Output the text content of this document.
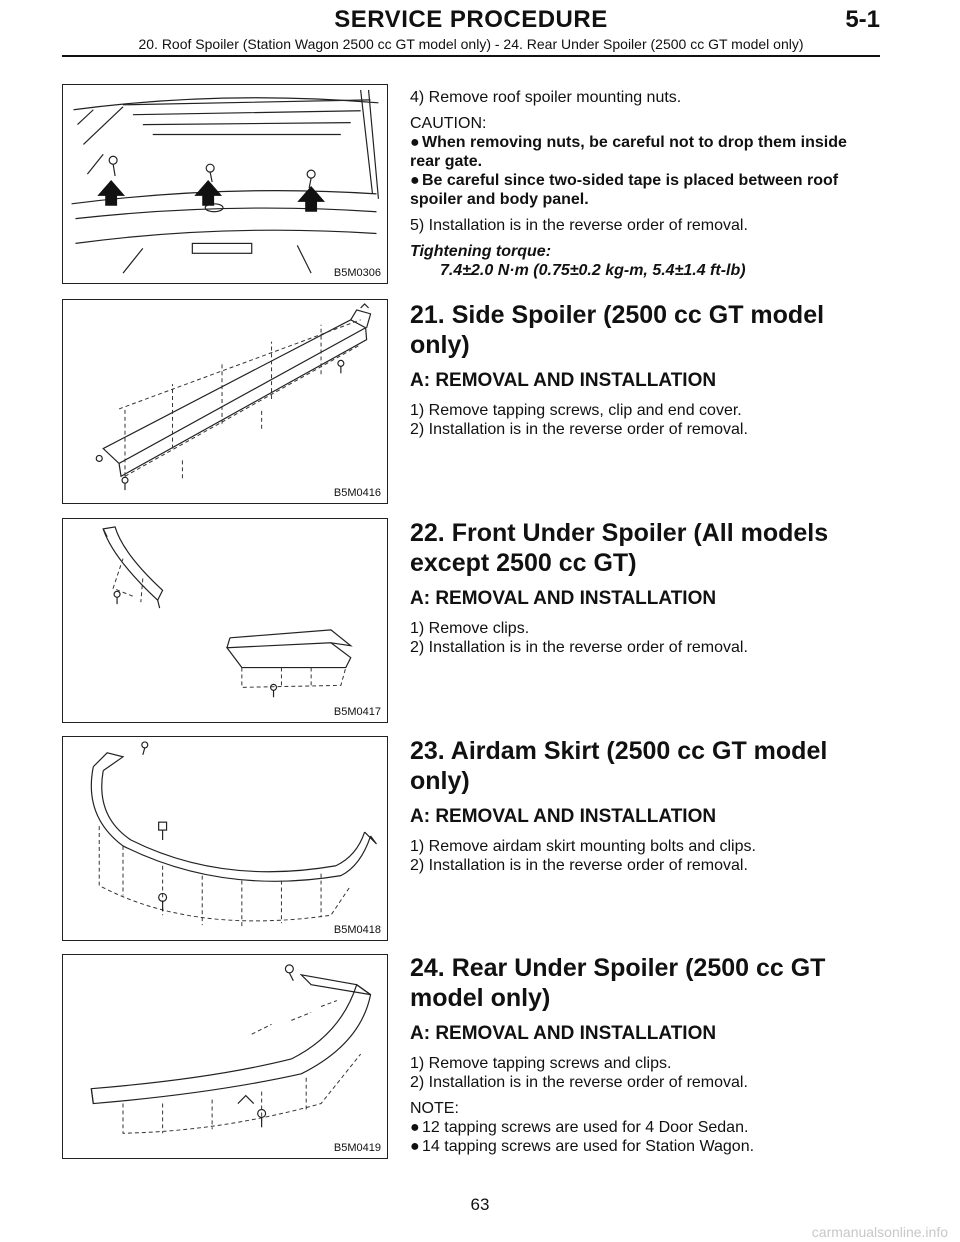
SERVICE PROCEDURE	5-1
20. Roof Spoiler (Station Wagon 2500 cc GT model only) - 24. Rear Under Spoiler (2500 cc GT model only)
B5M0306
B5M0416
B5M0417
B5M0418
B5M0419

4) Remove roof spoiler mounting nuts.

CAUTION:

● When removing nuts, be careful not to drop them inside rear gate.

● Be careful since two-sided tape is placed between roof spoiler and body panel.

5) Installation is in the reverse order of removal.

Tightening torque:

7.4±2.0 N·m (0.75±0.2 kg-m, 5.4±1.4 ft-lb)

21. Side Spoiler (2500 cc GT model only)
A: REMOVAL AND INSTALLATION

1) Remove tapping screws, clip and end cover.

2) Installation is in the reverse order of removal.

22. Front Under Spoiler (All models except 2500 cc GT)
A: REMOVAL AND INSTALLATION

1) Remove clips.

2) Installation is in the reverse order of removal.

23. Airdam Skirt (2500 cc GT model only)
A: REMOVAL AND INSTALLATION

1) Remove airdam skirt mounting bolts and clips.

2) Installation is in the reverse order of removal.

24. Rear Under Spoiler (2500 cc GT model only)
A: REMOVAL AND INSTALLATION

1) Remove tapping screws and clips.

2) Installation is in the reverse order of removal.

NOTE:

● 12 tapping screws are used for 4 Door Sedan.

● 14 tapping screws are used for Station Wagon.

63
carmanualsonline.info
